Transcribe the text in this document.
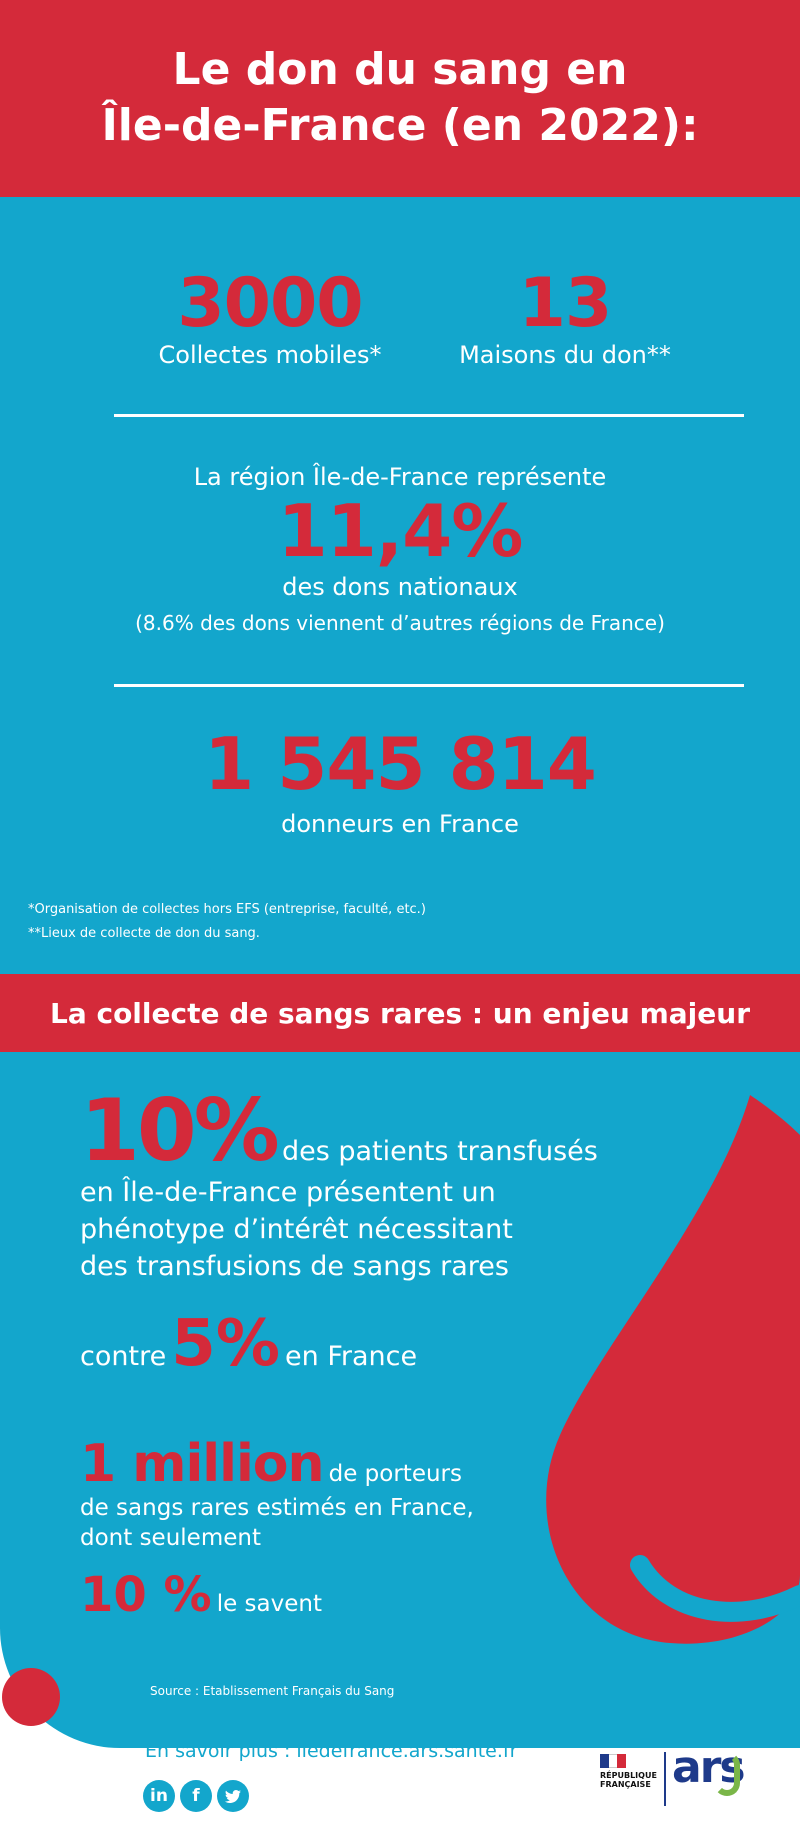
Le don du sang en
Île-de-France (en 2022):
3000
Collectes mobiles*
13
Maisons du don**
La région Île-de-France représente
11,4%
des dons nationaux
(8.6% des dons viennent d’autres régions de France)
1 545 814
donneurs en France
*Organisation de collectes hors EFS (entreprise, faculté, etc.)
**Lieux de collecte de don du sang.
La collecte de sangs rares : un enjeu majeur
10% des patients transfusés
en Île-de-France présentent un
phénotype d’intérêt nécessitant
des transfusions de sangs rares
contre 5% en France
1 million de porteurs
de sangs rares estimés en France,
dont seulement
10 % le savent
Source : Etablissement Français du Sang
En savoir plus : iledefrance.ars.sante.fr
in	f
RÉPUBLIQUE
FRANÇAISE ars
